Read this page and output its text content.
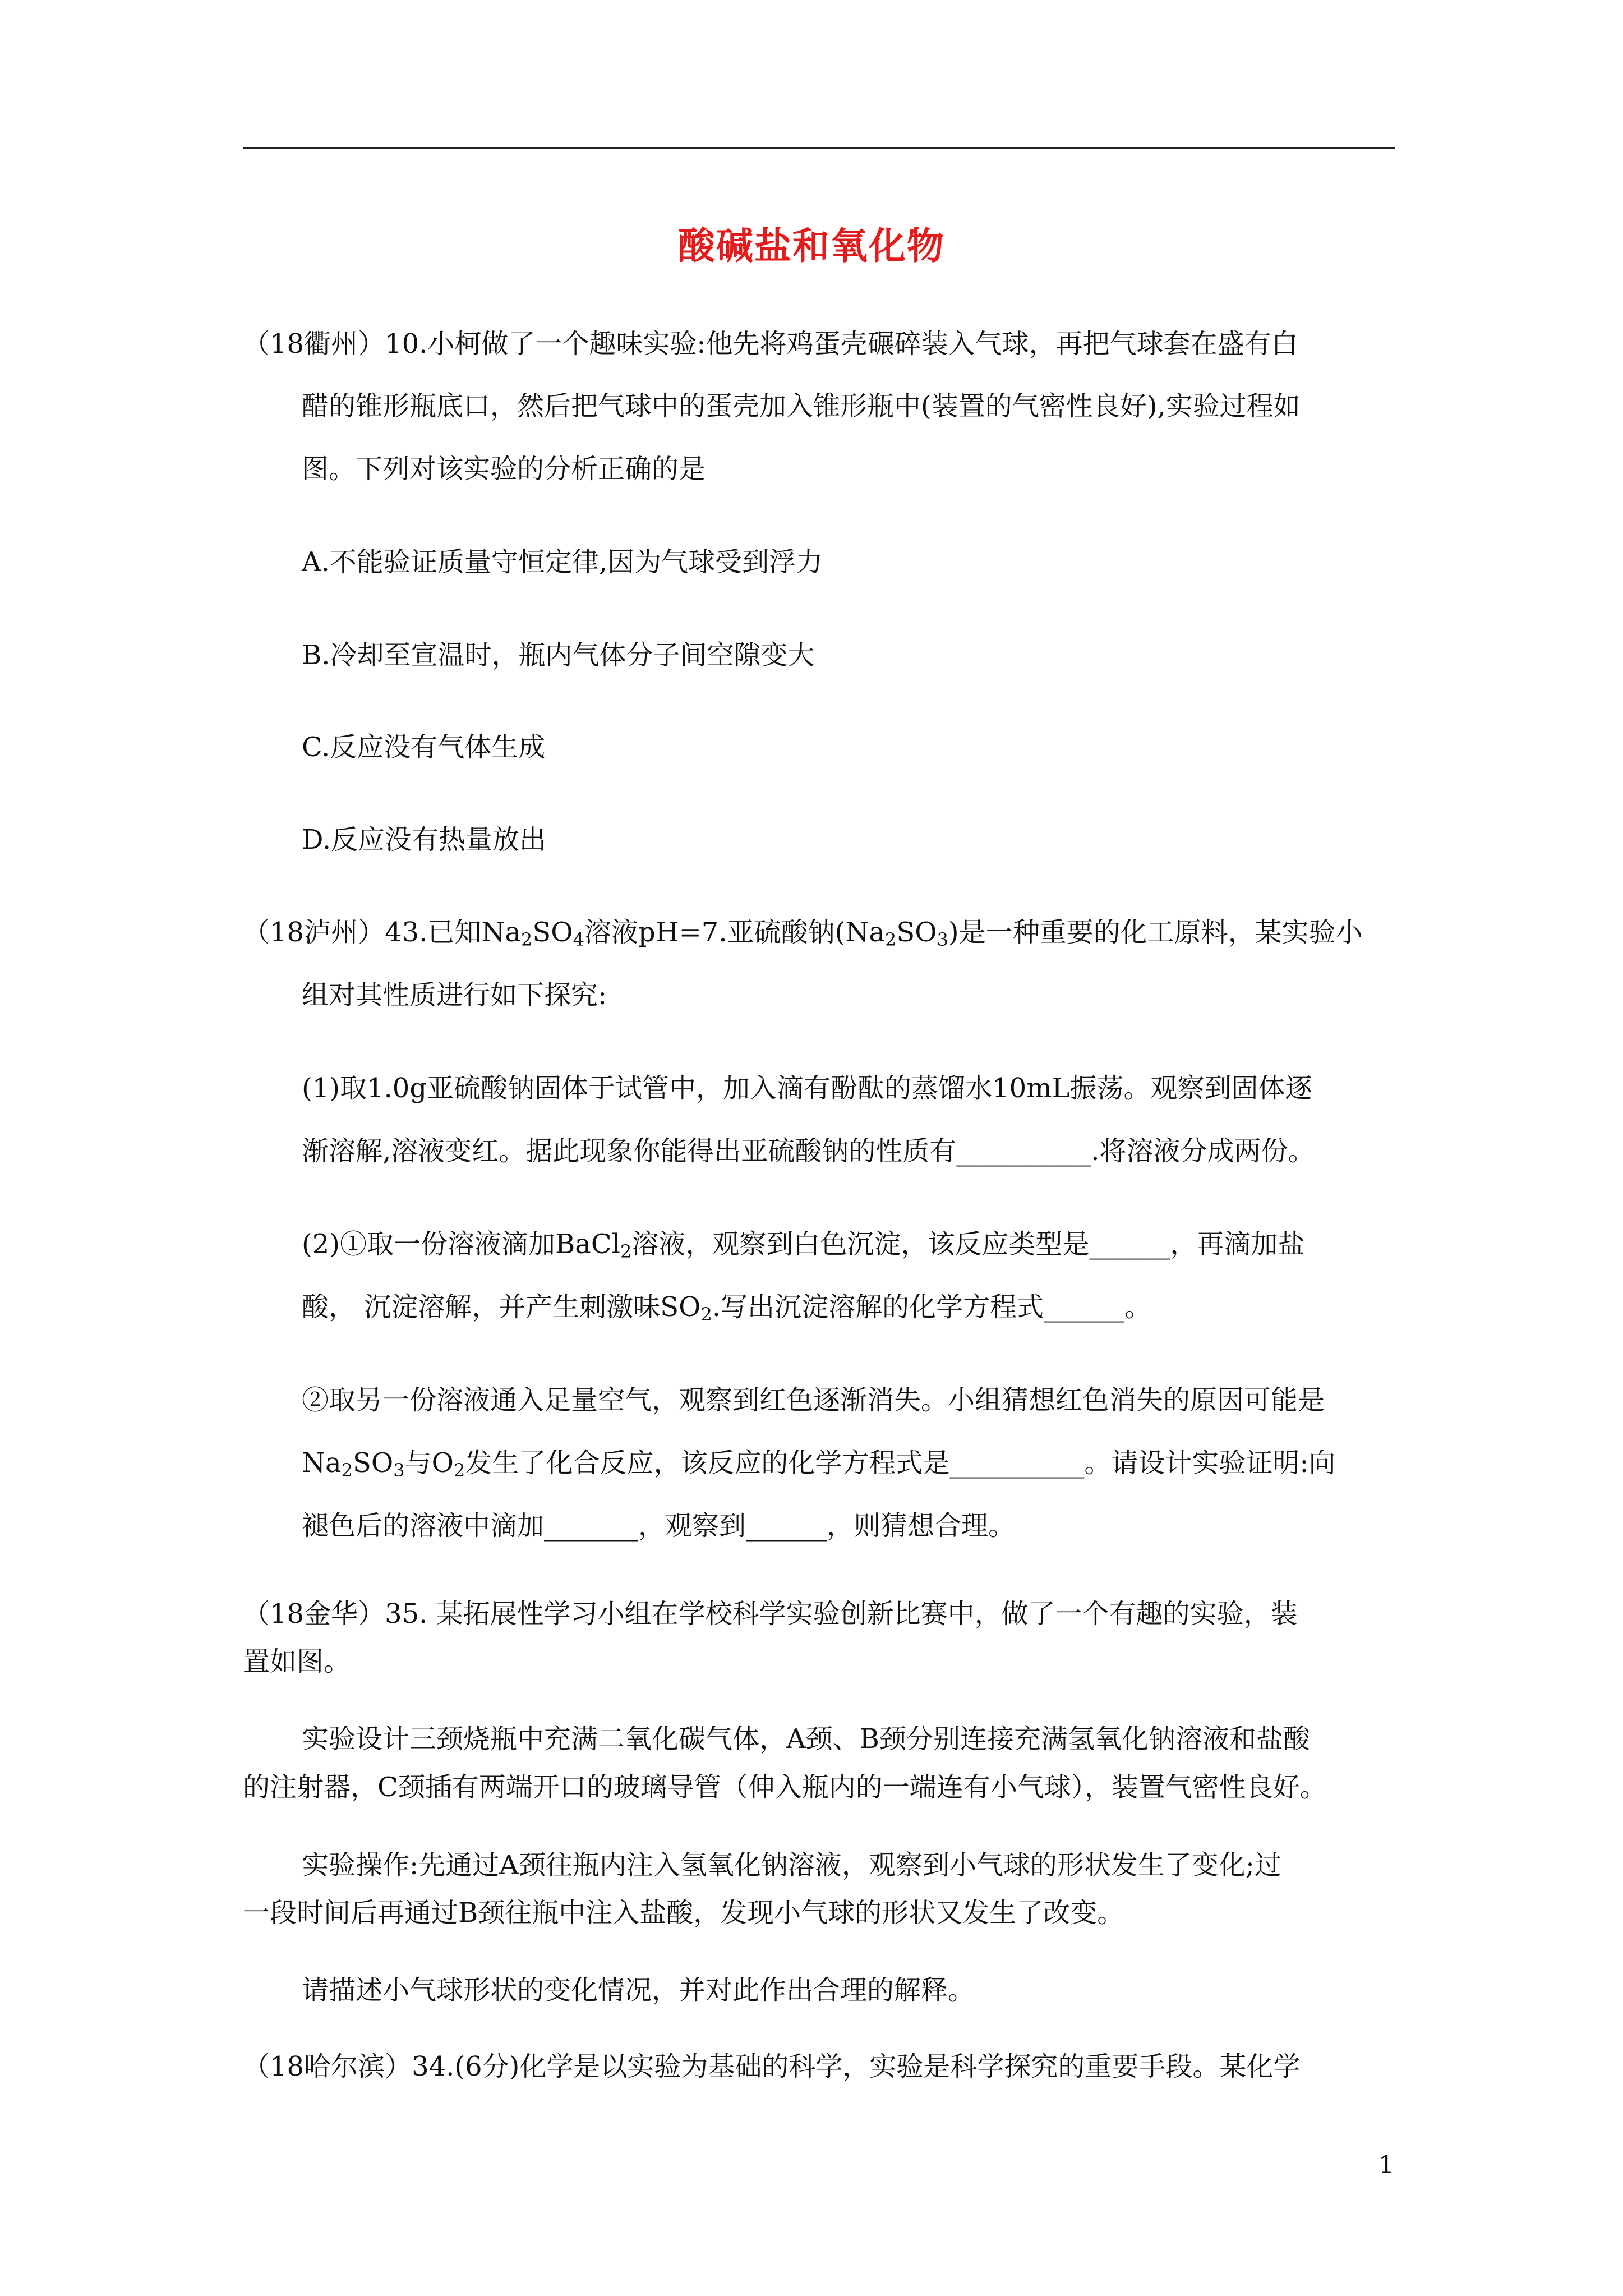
酸碱盐和氧化物
（18衢州）10.小柯做了一个趣味实验:他先将鸡蛋壳碾碎装入气球，再把气球套在盛有白
醋的锥形瓶底口，然后把气球中的蛋壳加入锥形瓶中(装置的气密性良好),实验过程如
图。下列对该实验的分析正确的是
A.不能验证质量守恒定律,因为气球受到浮力
B.冷却至宣温时，瓶内气体分子间空隙变大
C.反应没有气体生成
D.反应没有热量放出
（18泸州）43.已知$Na_2SO_4$溶液pH=7.亚硫酸钠$(Na_2SO_3)$是一种重要的化工原料，某实验小
组对其性质进行如下探究:
(1)取1.0g亚硫酸钠固体于试管中，加入滴有酚酞的蒸馏水10mL振荡。观察到固体逐
渐溶解,溶液变红。据此现象你能得出亚硫酸钠的性质有__________.将溶液分成两份。
(2)①取一份溶液滴加BaCl$_2$溶液，观察到白色沉淀，该反应类型是______，再滴加盐
酸， 沉淀溶解，并产生刺激味$SO_2$.写出沉淀溶解的化学方程式______。
②取另一份溶液通入足量空气，观察到红色逐渐消失。小组猜想红色消失的原因可能是
$Na_2SO_3$与$O_2$发生了化合反应，该反应的化学方程式是__________。请设计实验证明:向
褪色后的溶液中滴加_______，观察到______，则猜想合理。
（18金华）35. 某拓展性学习小组在学校科学实验创新比赛中，做了一个有趣的实验，装
置如图。
实验设计三颈烧瓶中充满二氧化碳气体，A颈、B颈分别连接充满氢氧化钠溶液和盐酸
的注射器，C颈插有两端开口的玻璃导管（伸入瓶内的一端连有小气球），装置气密性良好。
实验操作:先通过A颈往瓶内注入氢氧化钠溶液，观察到小气球的形状发生了变化;过
一段时间后再通过B颈往瓶中注入盐酸，发现小气球的形状又发生了改变。
请描述小气球形状的变化情况，并对此作出合理的解释。
（18哈尔滨）34.(6分)化学是以实验为基础的科学，实验是科学探究的重要手段。某化学
1
